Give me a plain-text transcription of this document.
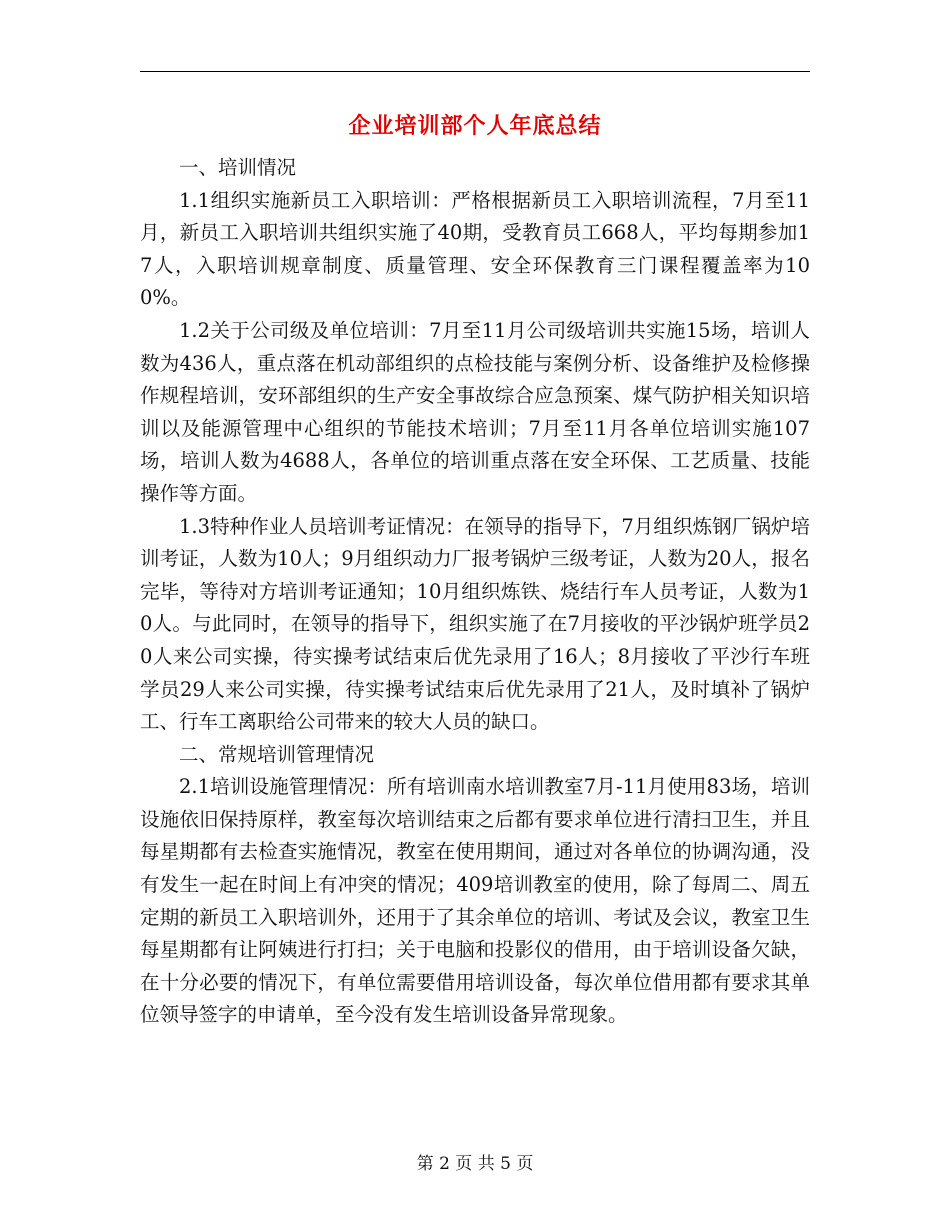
企业培训部个人年底总结

一、培训情况

1.1组织实施新员工入职培训：严格根据新员工入职培训流程，7月至11月，新员工入职培训共组织实施了40期，受教育员工668人，平均每期参加17人，入职培训规章制度、质量管理、安全环保教育三门课程覆盖率为100%。

1.2关于公司级及单位培训：7月至11月公司级培训共实施15场，培训人数为436人，重点落在机动部组织的点检技能与案例分析、设备维护及检修操作规程培训，安环部组织的生产安全事故综合应急预案、煤气防护相关知识培训以及能源管理中心组织的节能技术培训；7月至11月各单位培训实施107场，培训人数为4688人，各单位的培训重点落在安全环保、工艺质量、技能操作等方面。

1.3特种作业人员培训考证情况：在领导的指导下，7月组织炼钢厂锅炉培训考证，人数为10人；9月组织动力厂报考锅炉三级考证，人数为20人，报名完毕，等待对方培训考证通知；10月组织炼铁、烧结行车人员考证，人数为10人。与此同时，在领导的指导下，组织实施了在7月接收的平沙锅炉班学员20人来公司实操，待实操考试结束后优先录用了16人；8月接收了平沙行车班学员29人来公司实操，待实操考试结束后优先录用了21人，及时填补了锅炉工、行车工离职给公司带来的较大人员的缺口。

二、常规培训管理情况

2.1培训设施管理情况：所有培训南水培训教室7月-11月使用83场，培训设施依旧保持原样，教室每次培训结束之后都有要求单位进行清扫卫生，并且每星期都有去检查实施情况，教室在使用期间，通过对各单位的协调沟通，没有发生一起在时间上有冲突的情况；409培训教室的使用，除了每周二、周五定期的新员工入职培训外，还用于了其余单位的培训、考试及会议，教室卫生每星期都有让阿姨进行打扫；关于电脑和投影仪的借用，由于培训设备欠缺，在十分必要的情况下，有单位需要借用培训设备，每次单位借用都有要求其单位领导签字的申请单，至今没有发生培训设备异常现象。

第 2 页 共 5 页
